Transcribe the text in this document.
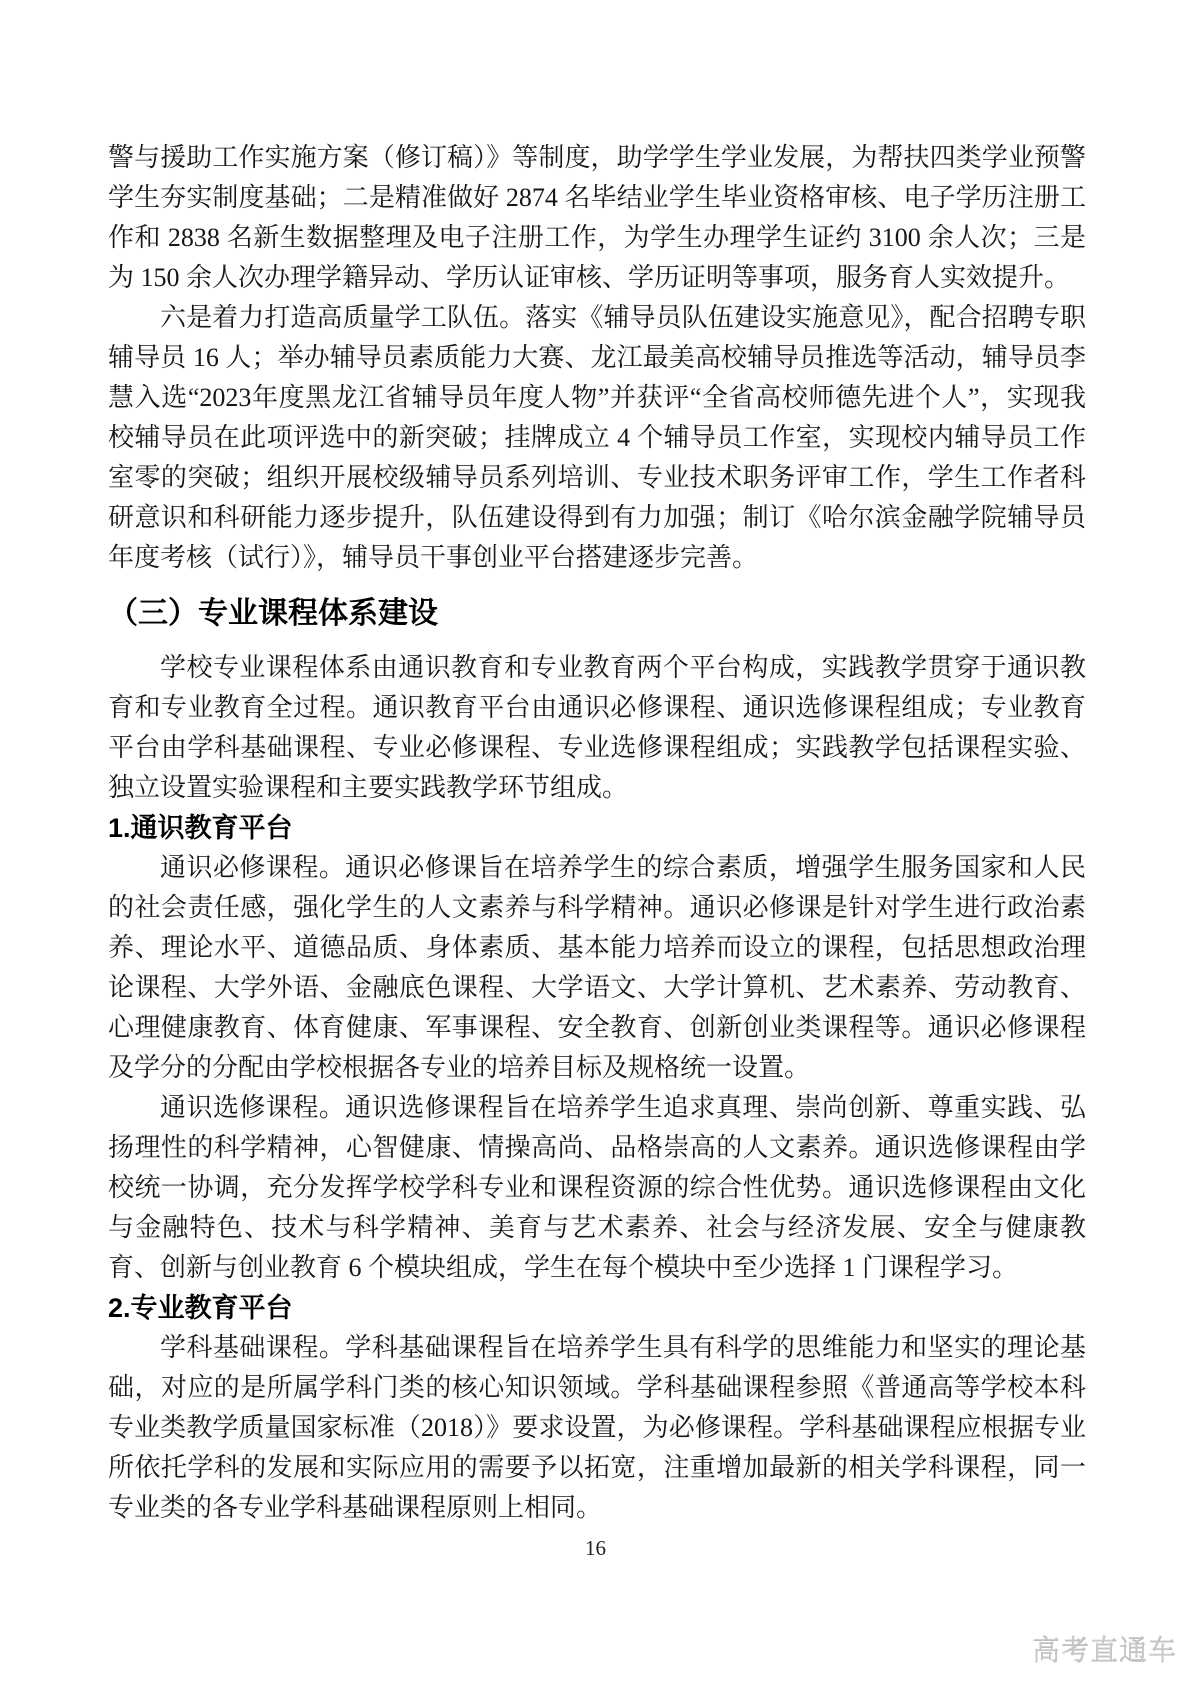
警与援助工作实施方案（修订稿）》等制度，助学学生学业发展，为帮扶四类学业预警学生夯实制度基础；二是精准做好 2874 名毕结业学生毕业资格审核、电子学历注册工作和 2838 名新生数据整理及电子注册工作，为学生办理学生证约 3100 余人次；三是为 150 余人次办理学籍异动、学历认证审核、学历证明等事项，服务育人实效提升。

六是着力打造高质量学工队伍。落实《辅导员队伍建设实施意见》，配合招聘专职辅导员 16 人；举办辅导员素质能力大赛、龙江最美高校辅导员推选等活动，辅导员李慧入选“2023年度黑龙江省辅导员年度人物”并获评“全省高校师德先进个人”，实现我校辅导员在此项评选中的新突破；挂牌成立 4 个辅导员工作室，实现校内辅导员工作室零的突破；组织开展校级辅导员系列培训、专业技术职务评审工作，学生工作者科研意识和科研能力逐步提升，队伍建设得到有力加强；制订《哈尔滨金融学院辅导员年度考核（试行）》，辅导员干事创业平台搭建逐步完善。

（三）专业课程体系建设

学校专业课程体系由通识教育和专业教育两个平台构成，实践教学贯穿于通识教育和专业教育全过程。通识教育平台由通识必修课程、通识选修课程组成；专业教育平台由学科基础课程、专业必修课程、专业选修课程组成；实践教学包括课程实验、独立设置实验课程和主要实践教学环节组成。

1.通识教育平台

通识必修课程。通识必修课旨在培养学生的综合素质，增强学生服务国家和人民的社会责任感，强化学生的人文素养与科学精神。通识必修课是针对学生进行政治素养、理论水平、道德品质、身体素质、基本能力培养而设立的课程，包括思想政治理论课程、大学外语、金融底色课程、大学语文、大学计算机、艺术素养、劳动教育、心理健康教育、体育健康、军事课程、安全教育、创新创业类课程等。通识必修课程及学分的分配由学校根据各专业的培养目标及规格统一设置。

通识选修课程。通识选修课程旨在培养学生追求真理、崇尚创新、尊重实践、弘扬理性的科学精神，心智健康、情操高尚、品格崇高的人文素养。通识选修课程由学校统一协调，充分发挥学校学科专业和课程资源的综合性优势。通识选修课程由文化与金融特色、技术与科学精神、美育与艺术素养、社会与经济发展、安全与健康教育、创新与创业教育 6 个模块组成，学生在每个模块中至少选择 1 门课程学习。

2.专业教育平台

学科基础课程。学科基础课程旨在培养学生具有科学的思维能力和坚实的理论基础，对应的是所属学科门类的核心知识领域。学科基础课程参照《普通高等学校本科专业类教学质量国家标准（2018）》要求设置，为必修课程。学科基础课程应根据专业所依托学科的发展和实际应用的需要予以拓宽，注重增加最新的相关学科课程，同一专业类的各专业学科基础课程原则上相同。

16
高考直通车
